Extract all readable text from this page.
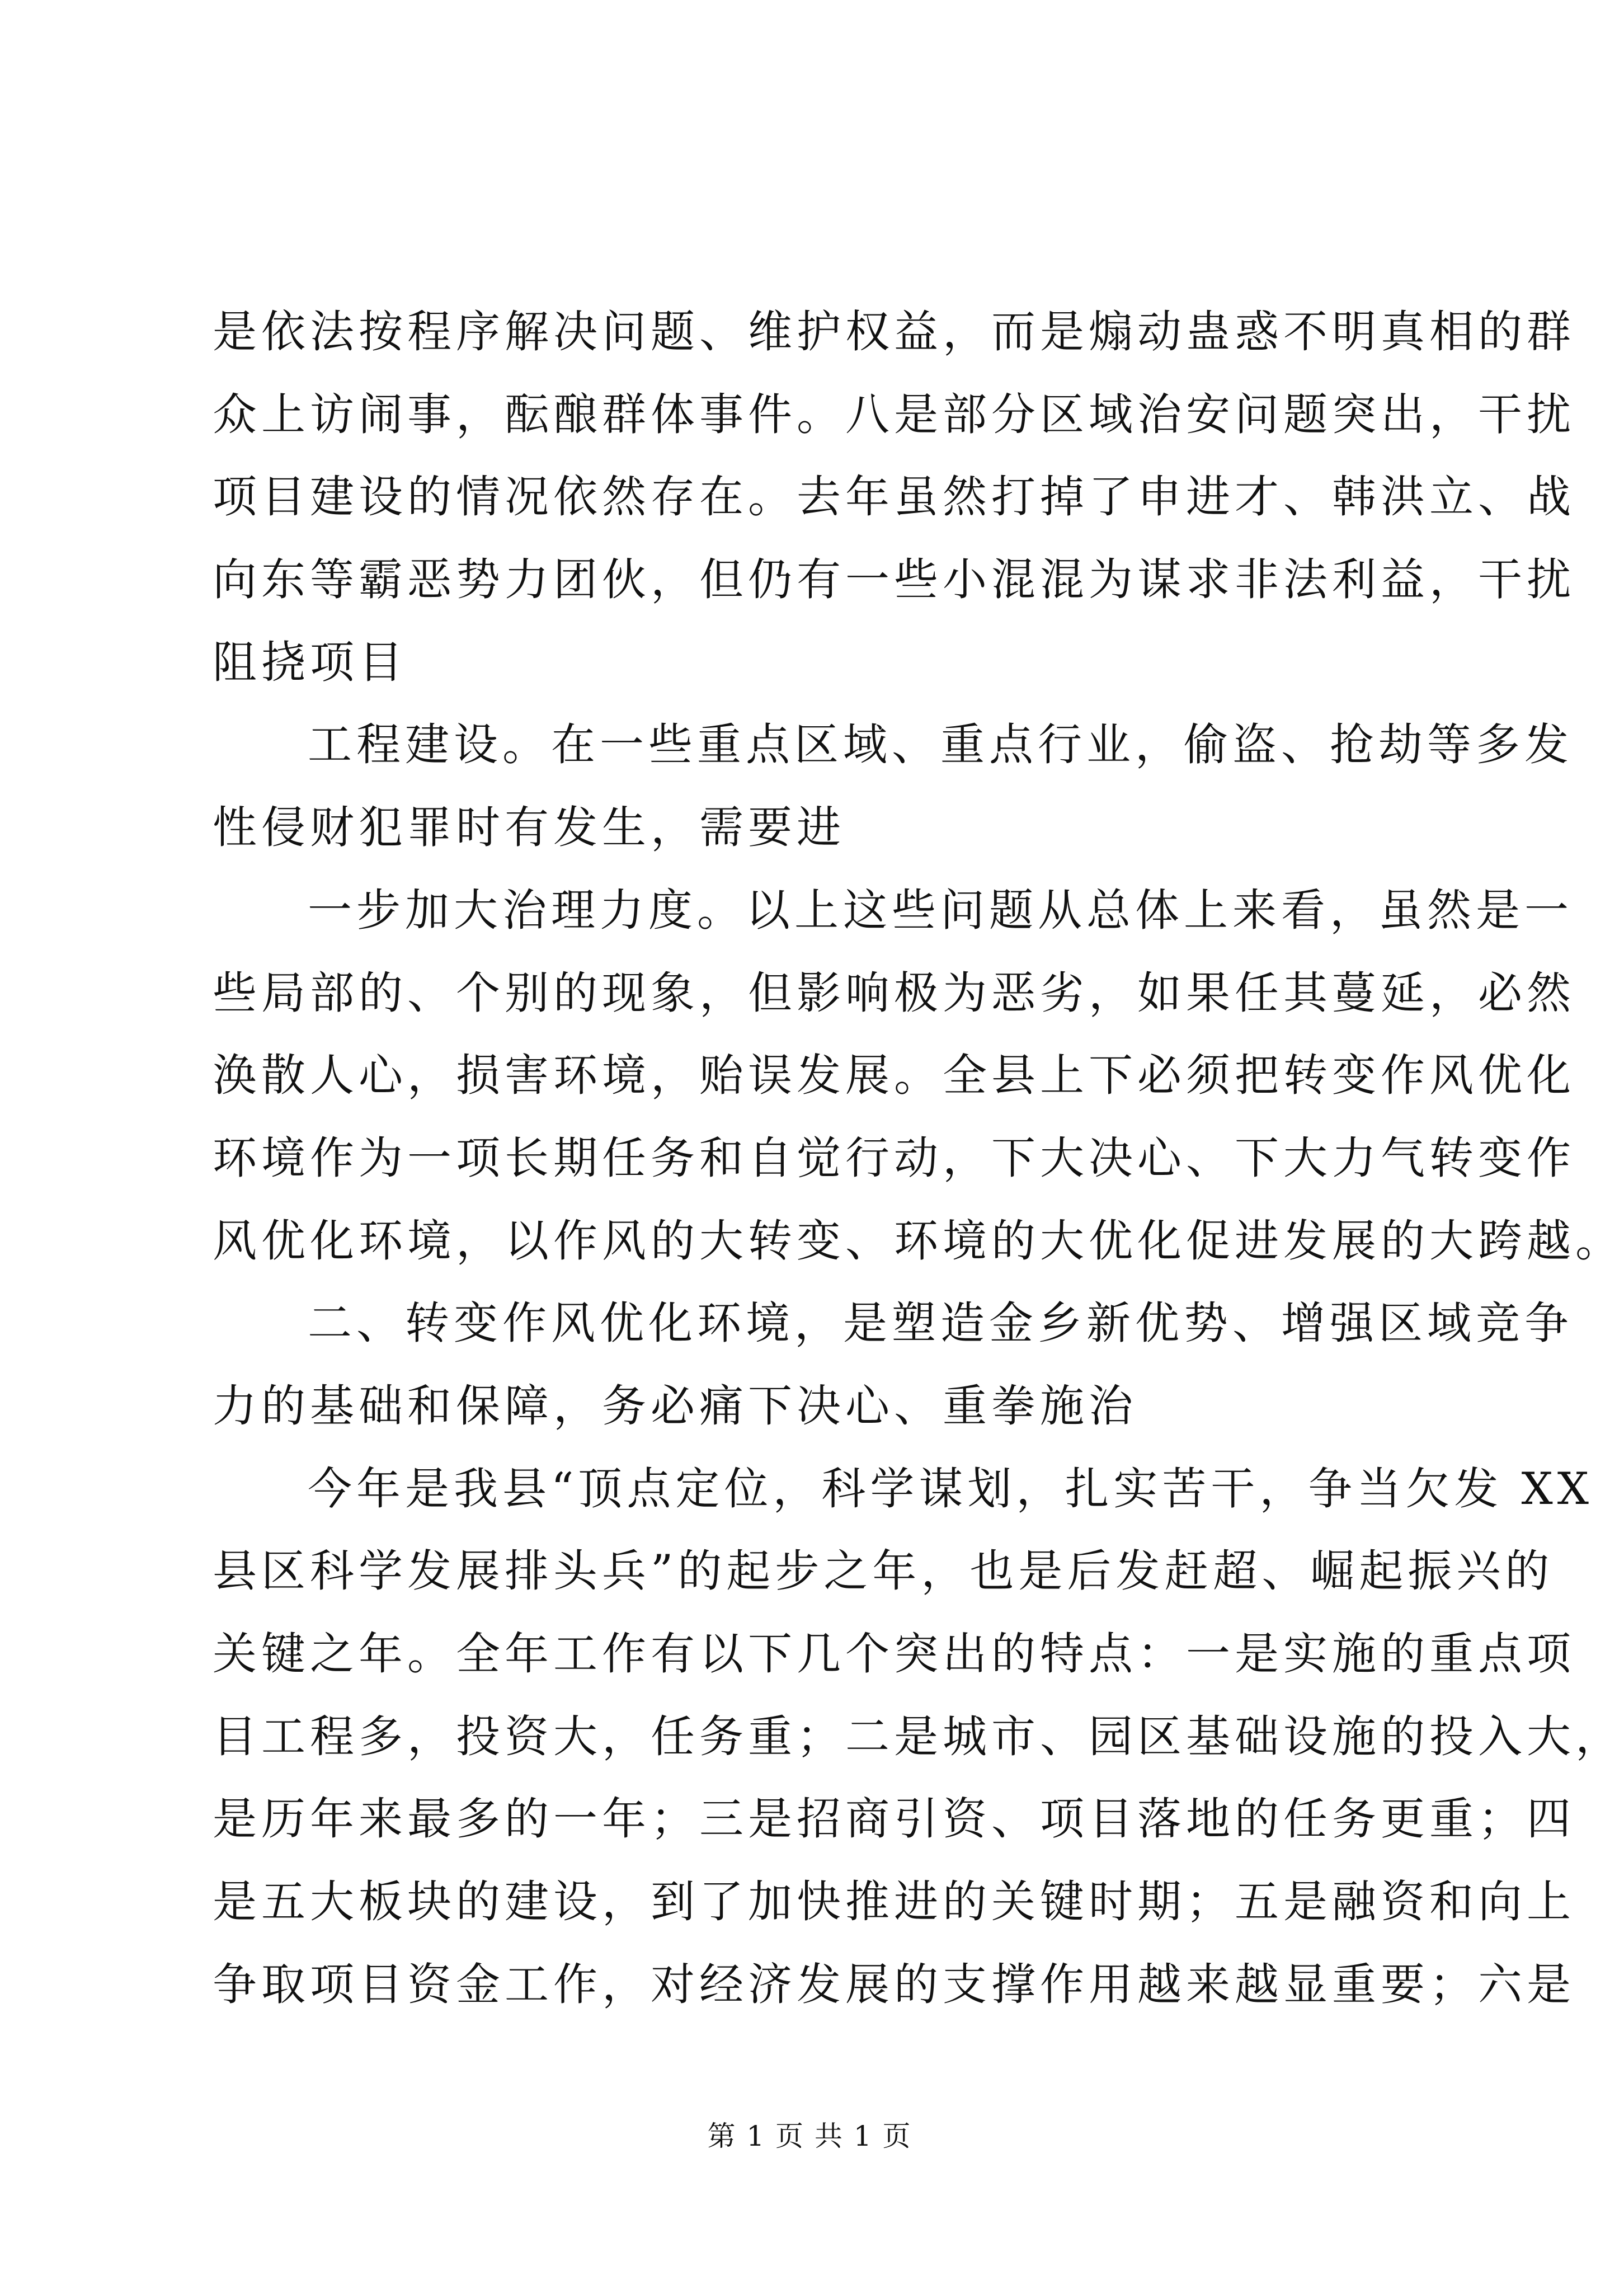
是依法按程序解决问题、维护权益，而是煽动蛊惑不明真相的群
众上访闹事，酝酿群体事件。八是部分区域治安问题突出，干扰
项目建设的情况依然存在。去年虽然打掉了申进才、韩洪立、战
向东等霸恶势力团伙，但仍有一些小混混为谋求非法利益，干扰
阻挠项目
工程建设。在一些重点区域、重点行业，偷盗、抢劫等多发
性侵财犯罪时有发生，需要进
一步加大治理力度。以上这些问题从总体上来看，虽然是一
些局部的、个别的现象，但影响极为恶劣，如果任其蔓延，必然
涣散人心，损害环境，贻误发展。全县上下必须把转变作风优化
环境作为一项长期任务和自觉行动，下大决心、下大力气转变作
风优化环境，以作风的大转变、环境的大优化促进发展的大跨越。
二、转变作风优化环境，是塑造金乡新优势、增强区域竞争
力的基础和保障，务必痛下决心、重拳施治
今年是我县“顶点定位，科学谋划，扎实苦干，争当欠发 XX
县区科学发展排头兵”的起步之年，也是后发赶超、崛起振兴的
关键之年。全年工作有以下几个突出的特点：一是实施的重点项
目工程多，投资大，任务重；二是城市、园区基础设施的投入大，
是历年来最多的一年；三是招商引资、项目落地的任务更重；四
是五大板块的建设，到了加快推进的关键时期；五是融资和向上
争取项目资金工作，对经济发展的支撑作用越来越显重要；六是
第 1 页 共 1 页
